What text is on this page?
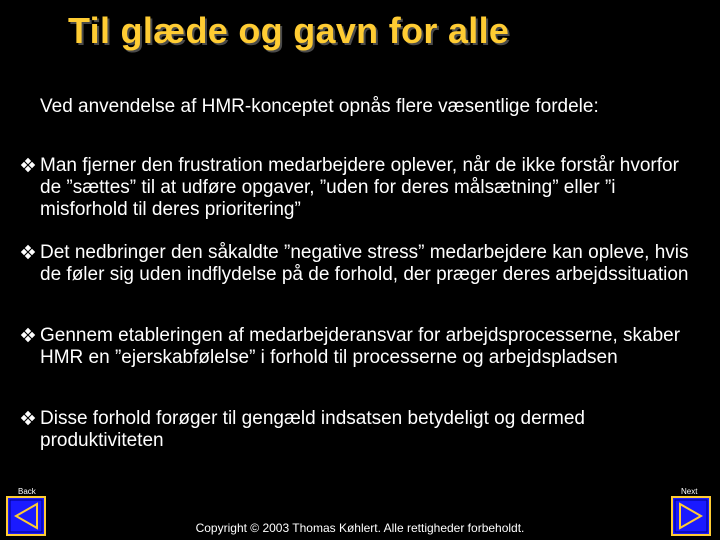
Til glæde og gavn for alle
Ved anvendelse af HMR-konceptet opnås flere væsentlige fordele:
Man fjerner den frustration medarbejdere oplever, når de ikke forstår hvorfor de ”sættes” til at udføre opgaver, ”uden for deres målsætning” eller ”i misforhold til deres prioritering”
Det nedbringer den såkaldte ”negative stress” medarbejdere kan opleve, hvis de føler sig uden indflydelse på de forhold, der præger deres arbejdssituation
Gennem etableringen af medarbejderansvar for arbejdsprocesserne, skaber HMR en ”ejerskabfølelse” i forhold til processerne og arbejdspladsen
Disse forhold forøger til gengæld indsatsen betydeligt og dermed produktiviteten
Back	Next
Copyright © 2003 Thomas Køhlert. Alle rettigheder forbeholdt.
